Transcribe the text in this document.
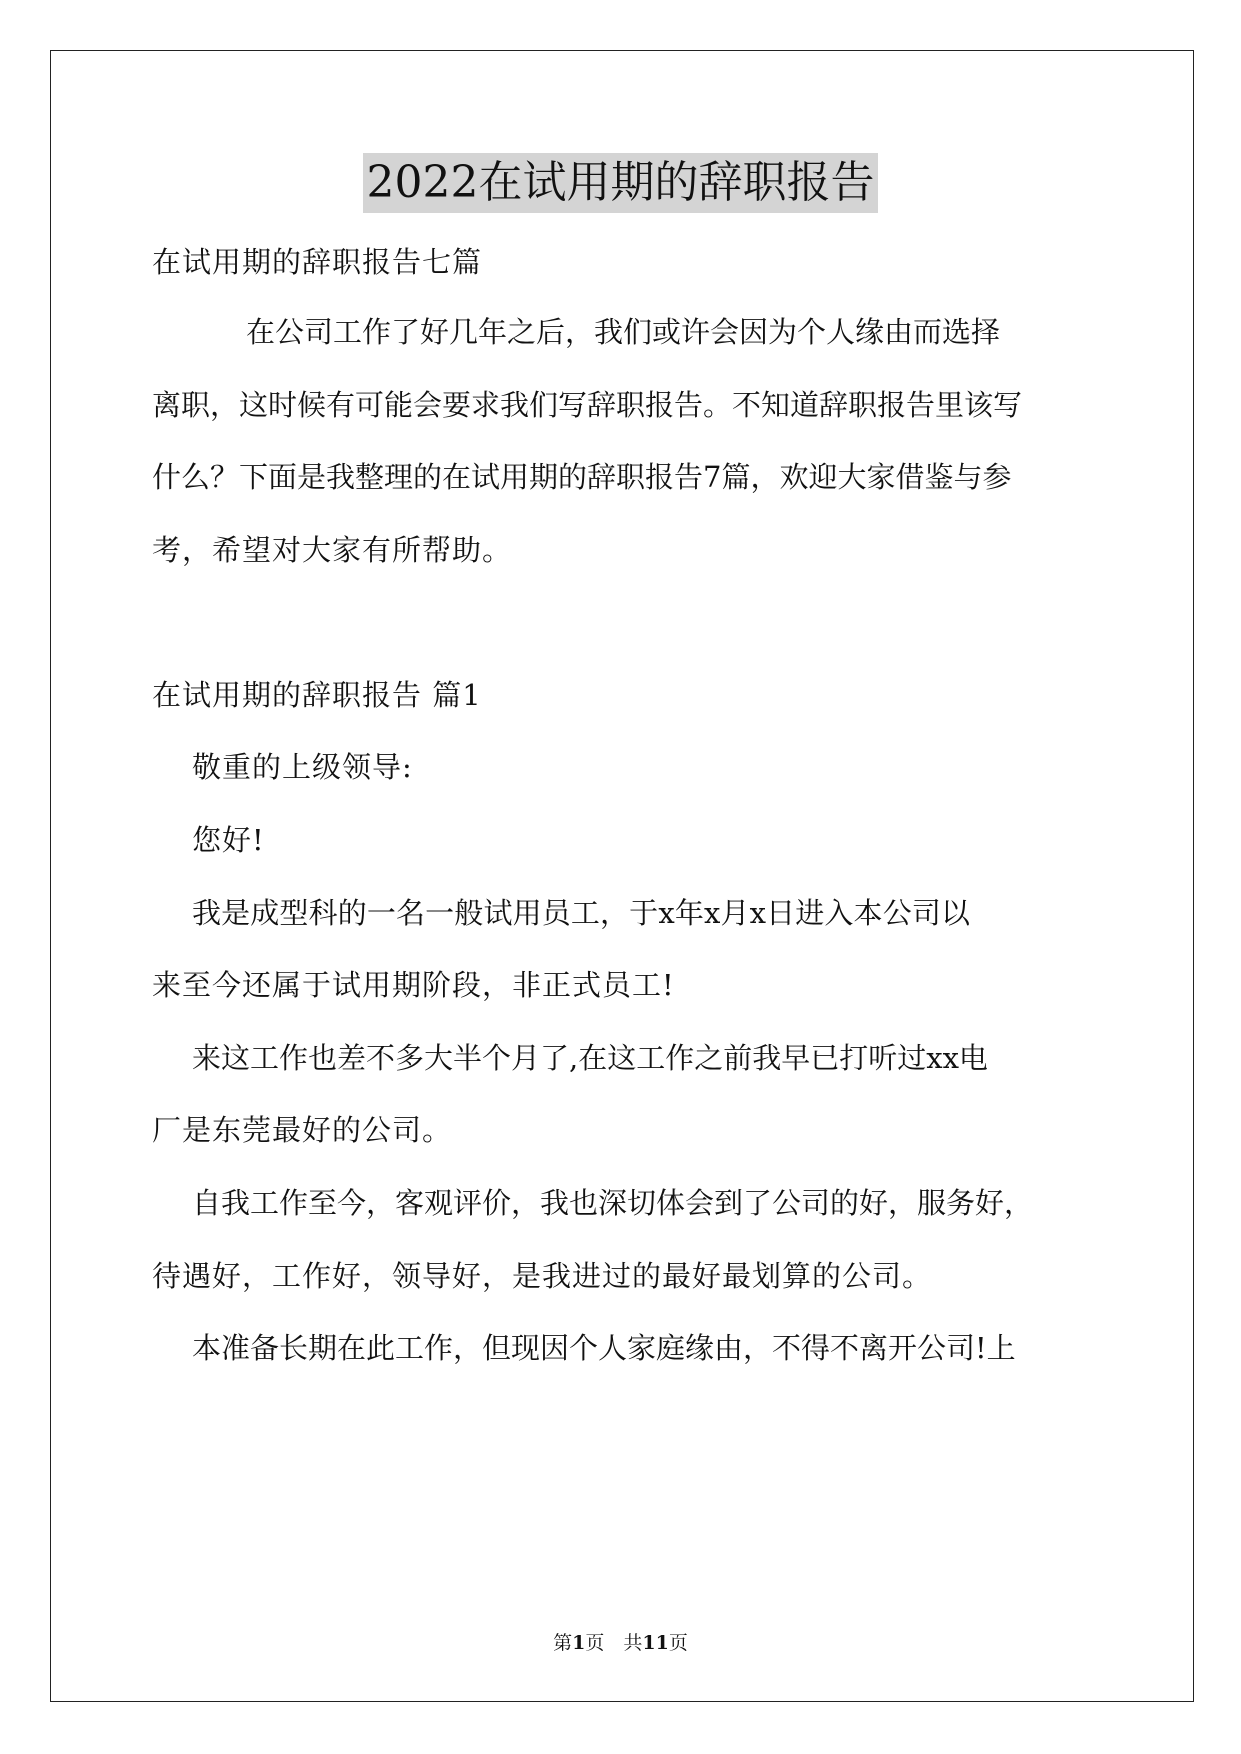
2022在试用期的辞职报告
在试用期的辞职报告七篇
在公司工作了好几年之后，我们或许会因为个人缘由而选择
离职，这时候有可能会要求我们写辞职报告。不知道辞职报告里该写
什么？下面是我整理的在试用期的辞职报告7篇，欢迎大家借鉴与参
考，希望对大家有所帮助。
在试用期的辞职报告 篇1
敬重的上级领导:
您好!
我是成型科的一名一般试用员工，于x年x月x日进入本公司以
来至今还属于试用期阶段，非正式员工!
来这工作也差不多大半个月了,在这工作之前我早已打听过xx电
厂是东莞最好的公司。
自我工作至今，客观评价，我也深切体会到了公司的好，服务好，
待遇好，工作好，领导好，是我进过的最好最划算的公司。
本准备长期在此工作，但现因个人家庭缘由，不得不离开公司!上
第1页　共11页
